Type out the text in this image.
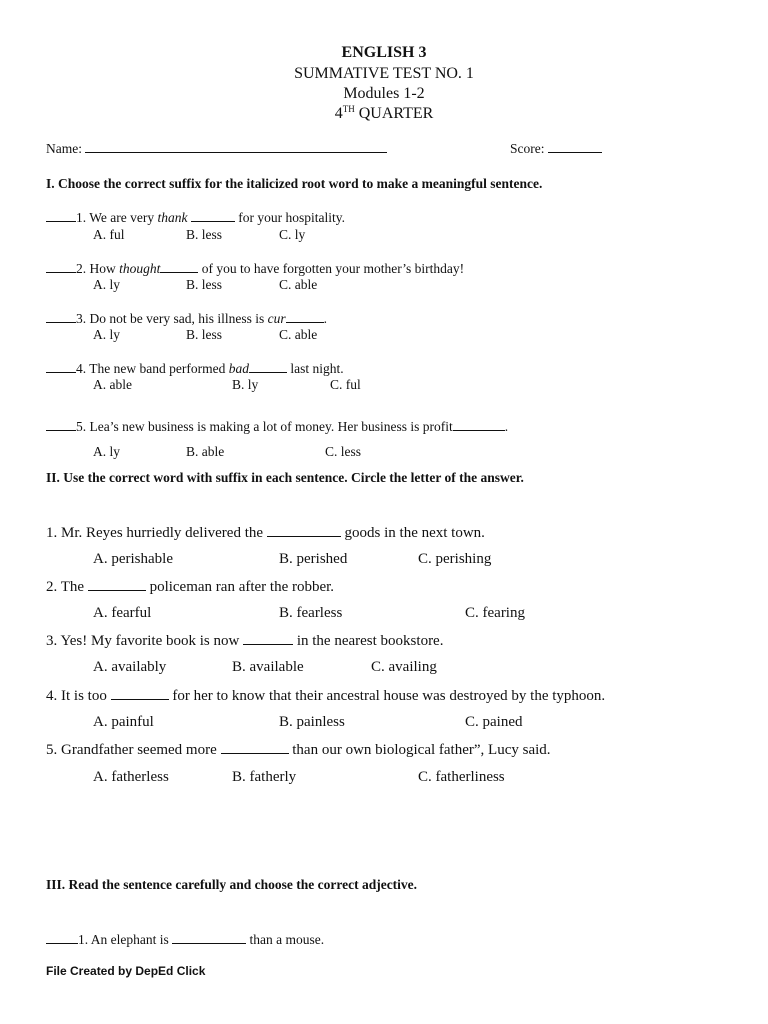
ENGLISH 3
SUMMATIVE TEST NO. 1
Modules 1-2
4TH QUARTER
Name:	Score:
I. Choose the correct suffix for the italicized root word to make a meaningful sentence.
1. We are very thank	for your hospitality.
A. ful	B. less	C. ly
2. How thought	of you to have forgotten your mother’s birthday!
A. ly	B. less	C. able
3. Do not be very sad, his illness is cur	.
A. ly	B. less	C. able
4. The new band performed bad	last night.
A. able	B. ly	C. ful
5. Lea’s new business is making a lot of money. Her business is profit	.
A. ly	B. able	C. less
II. Use the correct word with suffix in each sentence. Circle the letter of the answer.
1. Mr. Reyes hurriedly delivered the	goods in the next town.
A. perishable	B. perished	C. perishing
2. The	policeman ran after the robber.
A. fearful	B. fearless	C. fearing
3. Yes! My favorite book is now	in the nearest bookstore.
A. availably	B. available	C. availing
4. It is too	for her to know that their ancestral house was destroyed by the typhoon.
A. painful	B. painless	C. pained
5. Grandfather seemed more	than our own biological father”, Lucy said.
A. fatherless	B. fatherly	C. fatherliness
III. Read the sentence carefully and choose the correct adjective.
1. An elephant is	than a mouse.
File Created by DepEd Click
